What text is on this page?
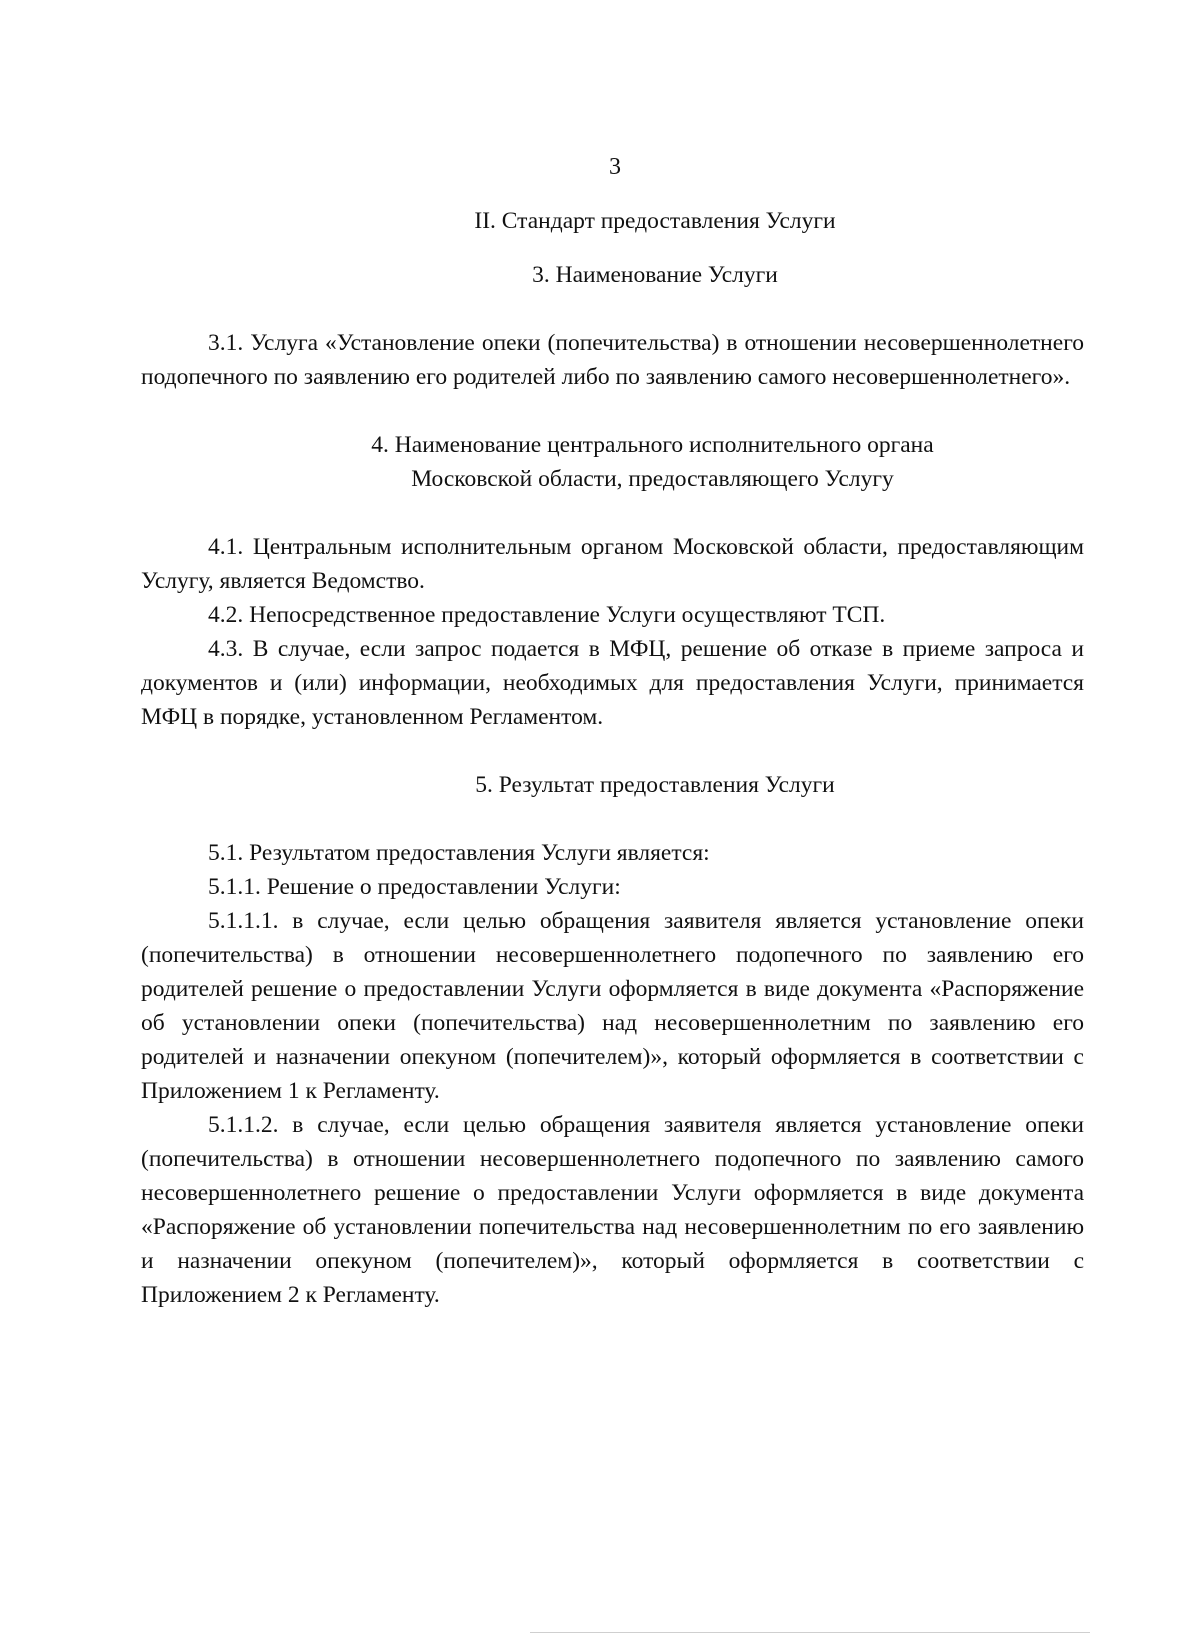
3
II. Стандарт предоставления Услуги
3. Наименование Услуги

3.1. Услуга «Установление опеки (попечительства) в отношении несовершеннолетнего подопечного по заявлению его родителей либо по заявлению самого несовершеннолетнего».

4. Наименование центрального исполнительного органа
Московской области, предоставляющего Услугу

4.1. Центральным исполнительным органом Московской области, предоставляющим Услугу, является Ведомство.

4.2. Непосредственное предоставление Услуги осуществляют ТСП.

4.3. В случае, если запрос подается в МФЦ, решение об отказе в приеме запроса и документов и (или) информации, необходимых для предоставления Услуги, принимается МФЦ в порядке, установленном Регламентом.

5. Результат предоставления Услуги

5.1. Результатом предоставления Услуги является:

5.1.1. Решение о предоставлении Услуги:

5.1.1.1. в случае, если целью обращения заявителя является установление опеки (попечительства) в отношении несовершеннолетнего подопечного по заявлению его родителей решение о предоставлении Услуги оформляется в виде документа «Распоряжение об установлении опеки (попечительства) над несовершеннолетним по заявлению его родителей и назначении опекуном (попечителем)», который оформляется в соответствии с Приложением 1 к Регламенту.

5.1.1.2. в случае, если целью обращения заявителя является установление опеки (попечительства) в отношении несовершеннолетнего подопечного по заявлению самого несовершеннолетнего решение о предоставлении Услуги оформляется в виде документа «Распоряжение об установлении попечительства над несовершеннолетним по его заявлению и назначении опекуном (попечителем)», который оформляется в соответствии с Приложением 2 к Регламенту.
